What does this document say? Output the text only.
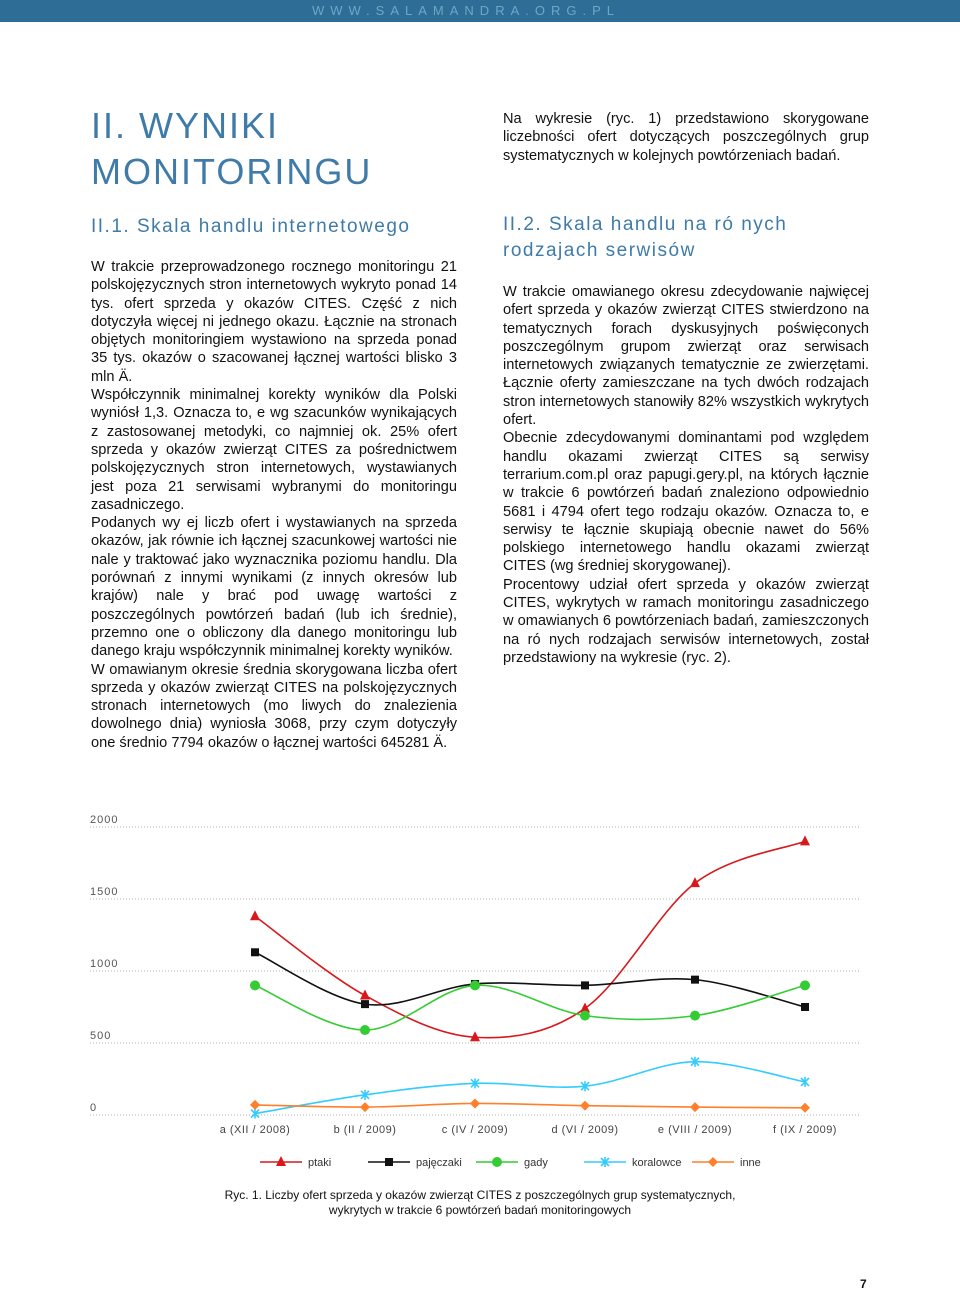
WWW.SALAMANDRA.ORG.PL
II. WYNIKI MONITORINGU
II.1. Skala handlu internetowego

W trakcie przeprowadzonego rocznego monitoringu 21 polskojęzycznych stron internetowych wykryto ponad 14 tys. ofert sprzeda y okazów CITES. Część z nich dotyczyła więcej ni jednego okazu. Łącznie na stronach objętych monitoringiem wystawiono na sprzeda ponad 35 tys. okazów o szacowanej łącznej wartości blisko 3 mln Ä.

Współczynnik minimalnej korekty wyników dla Polski wyniósł 1,3. Oznacza to, e wg szacunków wynikających z zastosowanej metodyki, co najmniej ok. 25% ofert sprzeda y okazów zwierząt CITES za pośrednictwem polskojęzycznych stron internetowych, wystawianych jest poza 21 serwisami wybranymi do monitoringu zasadniczego.

Podanych wy ej liczb ofert i wystawianych na sprzeda okazów, jak równie ich łącznej szacunkowej wartości nie nale y traktować jako wyznacznika poziomu handlu. Dla porównań z innymi wynikami (z innych okresów lub krajów) nale y brać pod uwagę wartości z poszczególnych powtórzeń badań (lub ich średnie), przemno one o obliczony dla danego monitoringu lub danego kraju współczynnik minimalnej korekty wyników.

W omawianym okresie średnia skorygowana liczba ofert sprzeda y okazów zwierząt CITES na polskojęzycznych stronach internetowych (mo liwych do znalezienia dowolnego dnia) wyniosła 3068, przy czym dotyczyły one średnio 7794 okazów o łącznej wartości 645281 Ä.

Na wykresie (ryc. 1) przedstawiono skorygowane liczebności ofert dotyczących poszczególnych grup systematycznych w kolejnych powtórzeniach badań.
II.2. Skala handlu na ró nych rodzajach serwisów

W trakcie omawianego okresu zdecydowanie najwięcej ofert sprzeda y okazów zwierząt CITES stwierdzono na tematycznych forach dyskusyjnych poświęconych poszczególnym grupom zwierząt oraz serwisach internetowych związanych tematycznie ze zwierzętami. Łącznie oferty zamieszczane na tych dwóch rodzajach stron internetowych stanowiły 82% wszystkich wykrytych ofert.

Obecnie zdecydowanymi dominantami pod względem handlu okazami zwierząt CITES są serwisy terrarium.com.pl oraz papugi.gery.pl, na których łącznie w trakcie 6 powtórzeń badań znaleziono odpowiednio 5681 i 4794 ofert tego rodzaju okazów. Oznacza to, e serwisy te łącznie skupiają obecnie nawet do 56% polskiego internetowego handlu okazami zwierząt CITES (wg średniej skorygowanej).

Procentowy udział ofert sprzeda y okazów zwierząt CITES, wykrytych w ramach monitoringu zasadniczego w omawianych 6 powtórzeniach badań, zamieszczonych na ró nych rodzajach serwisów internetowych, został przedstawiony na wykresie (ryc. 2).

2000
1500
1000
500
0
a (XII / 2008)	b (II / 2009)	c (IV / 2009)	d (VI / 2009)	e (VIII / 2009)	f (IX / 2009)
ptaki	pajęczaki	gady	koralowce	inne
Ryc. 1. Liczby ofert sprzeda y okazów zwierząt CITES z poszczególnych grup systematycznych,
wykrytych w trakcie 6 powtórzeń badań monitoringowych
7
